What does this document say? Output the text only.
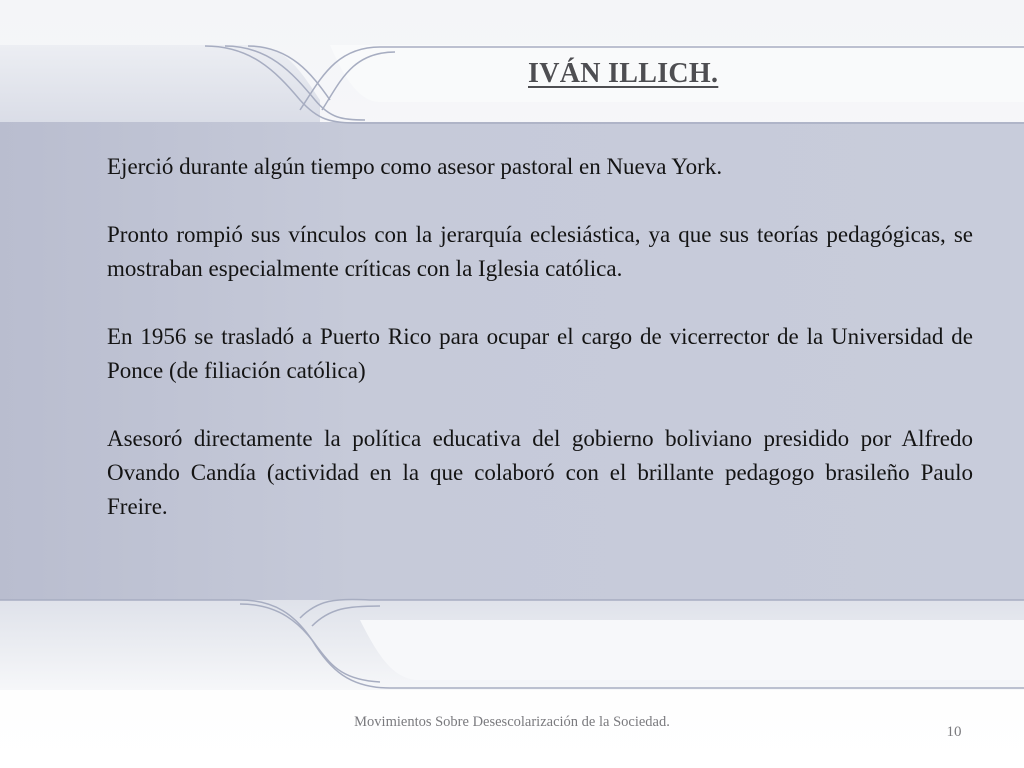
IVÁN ILLICH.

Ejerció durante algún tiempo como asesor pastoral en Nueva York.

Pronto rompió sus vínculos con la jerarquía eclesiástica, ya que sus teorías pedagógicas, se mostraban especialmente críticas con la Iglesia católica.

En 1956 se trasladó a Puerto Rico para ocupar el cargo de vicerrector de la Universidad de Ponce (de filiación católica)

Asesoró directamente la política educativa del gobierno boliviano presidido por Alfredo Ovando Candía (actividad en la que colaboró con el brillante pedagogo brasileño Paulo Freire.

Movimientos Sobre Desescolarización de la Sociedad.
10
